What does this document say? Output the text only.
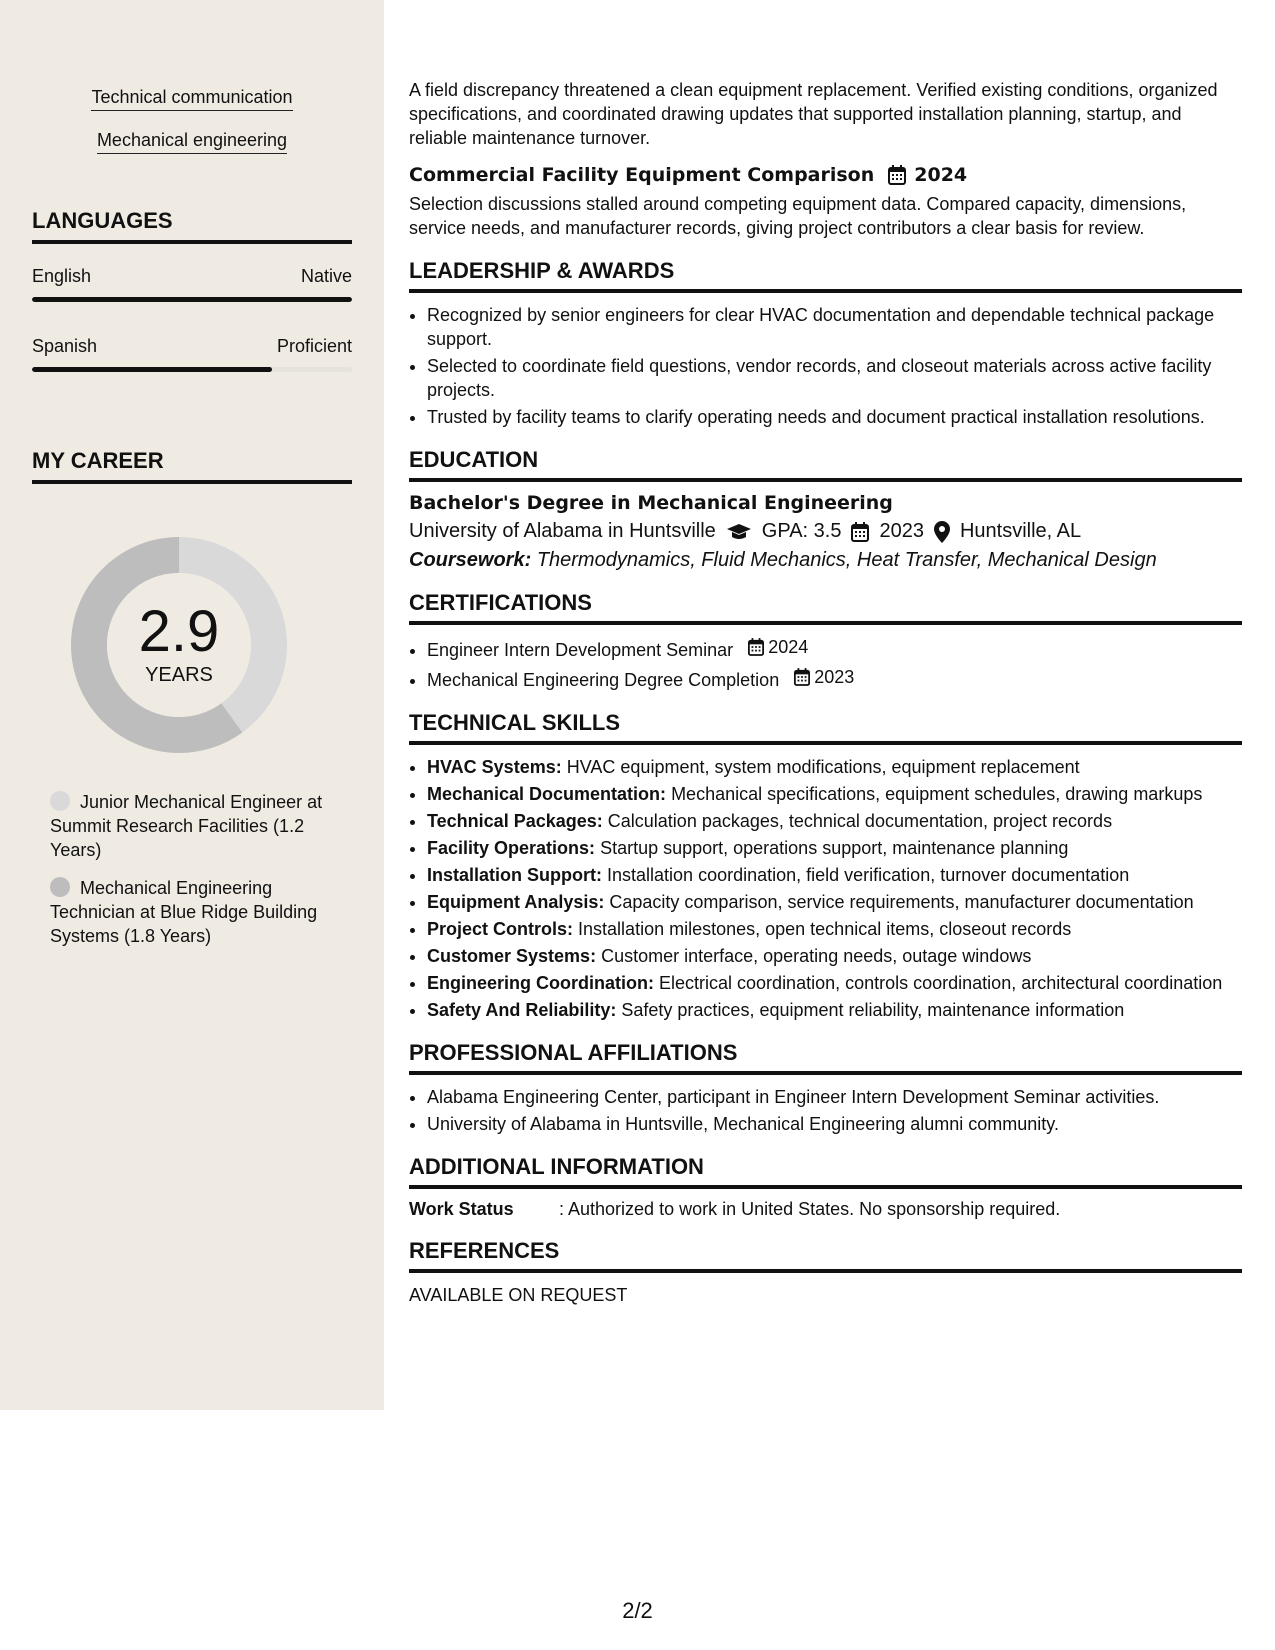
Technical communication
Mechanical engineering
LANGUAGES
English	Native
Spanish	Proficient
MY CAREER
2.9
YEARS
Junior Mechanical Engineer at Summit Research Facilities (1.2 Years)
Mechanical Engineering Technician at Blue Ridge Building Systems (1.8 Years)

A field discrepancy threatened a clean equipment replacement. Verified existing conditions, organized specifications, and coordinated drawing updates that supported installation planning, startup, and reliable maintenance turnover.

Commercial Facility Equipment Comparison 2024

Selection discussions stalled around competing equipment data. Compared capacity, dimensions, service needs, and manufacturer records, giving project contributors a clear basis for review.

LEADERSHIP & AWARDS
• Recognized by senior engineers for clear HVAC documentation and dependable technical package support.
• Selected to coordinate field questions, vendor records, and closeout materials across active facility projects.
• Trusted by facility teams to clarify operating needs and document practical installation resolutions.
EDUCATION
Bachelor's Degree in Mechanical Engineering
University of Alabama in Huntsville GPA: 3.5 2023 Huntsville, AL
Coursework: Thermodynamics, Fluid Mechanics, Heat Transfer, Mechanical Design
CERTIFICATIONS
• Engineer Intern Development Seminar 2024
• Mechanical Engineering Degree Completion 2023
TECHNICAL SKILLS
• HVAC Systems: HVAC equipment, system modifications, equipment replacement
• Mechanical Documentation: Mechanical specifications, equipment schedules, drawing markups
• Technical Packages: Calculation packages, technical documentation, project records
• Facility Operations: Startup support, operations support, maintenance planning
• Installation Support: Installation coordination, field verification, turnover documentation
• Equipment Analysis: Capacity comparison, service requirements, manufacturer documentation
• Project Controls: Installation milestones, open technical items, closeout records
• Customer Systems: Customer interface, operating needs, outage windows
• Engineering Coordination: Electrical coordination, controls coordination, architectural coordination
• Safety And Reliability: Safety practices, equipment reliability, maintenance information
PROFESSIONAL AFFILIATIONS
• Alabama Engineering Center, participant in Engineer Intern Development Seminar activities.
• University of Alabama in Huntsville, Mechanical Engineering alumni community.
ADDITIONAL INFORMATION
Work Status	: Authorized to work in United States. No sponsorship required.
REFERENCES
AVAILABLE ON REQUEST
2/2
